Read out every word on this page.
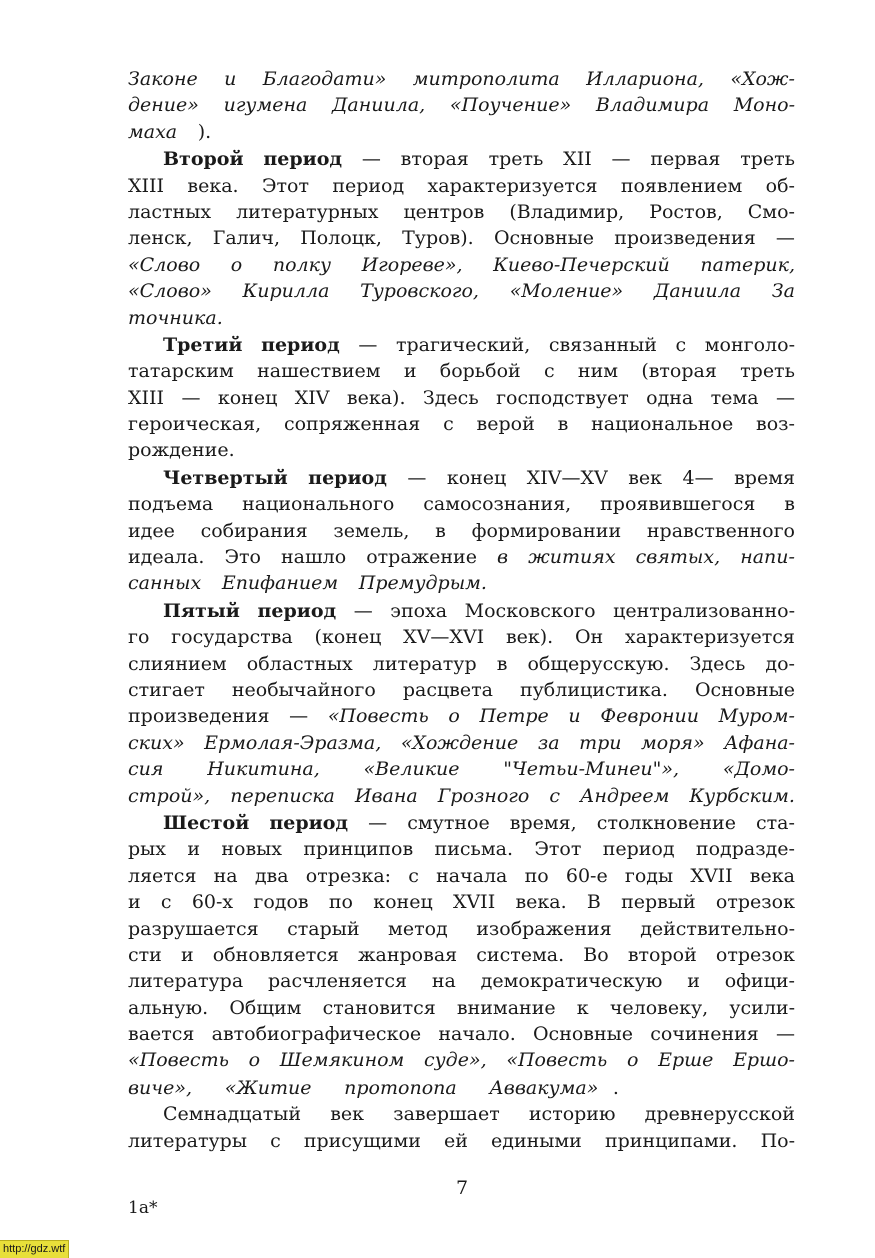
Законе и Благодати» митрополита Иллариона, «Хож-
дение» игумена Даниила, «Поучение» Владимира Моно-
маха ).
Второй период — вторая треть XII — первая треть
XIII века. Этот период характеризуется появлением об-
ластных литературных центров (Владимир, Ростов, Смо-
ленск, Галич, Полоцк, Туров). Основные произведения —
«Слово о полку Игореве», Киево-Печерский патерик,
«Слово» Кирилла Туровского, «Моление» Даниила За
точника.
Третий период — трагический, связанный с монголо-
татарским нашествием и борьбой с ним (вторая треть
XIII — конец XIV века). Здесь господствует одна тема —
героическая, сопряженная с верой в национальное воз-
рождение.
Четвертый период — конец XIV—XV век 4— время
подъема национального самосознания, проявившегося в
идее собирания земель, в формировании нравственного
идеала. Это нашло отражение в житиях святых, напи-
санных Епифанием Премудрым.
Пятый период — эпоха Московского централизованно-
го государства (конец XV—XVI век). Он характеризуется
слиянием областных литератур в общерусскую. Здесь до-
стигает необычайного расцвета публицистика. Основные
произведения — «Повесть о Петре и Февронии Муром-
ских» Ермолая-Эразма, «Хождение за три моря» Афана-
сия Никитина, «Великие "Четьи-Минеи"», «Домо-
строй», переписка Ивана Грозного с Андреем Курбским.
Шестой период — смутное время, столкновение ста-
рых и новых принципов письма. Этот период подразде-
ляется на два отрезка: с начала по 60-е годы XVII века
и с 60-х годов по конец XVII века. В первый отрезок
разрушается старый метод изображения действительно-
сти и обновляется жанровая система. Во второй отрезок
литература расчленяется на демократическую и офици-
альную. Общим становится внимание к человеку, усили-
вается автобиографическое начало. Основные сочинения —
«Повесть о Шемякином суде», «Повесть о Ерше Ершо-
виче», «Житие протопопа Аввакума» .
Семнадцатый век завершает историю древнерусской
литературы с присущими ей едиными принципами. По-
7
1a*
http://gdz.wtf
